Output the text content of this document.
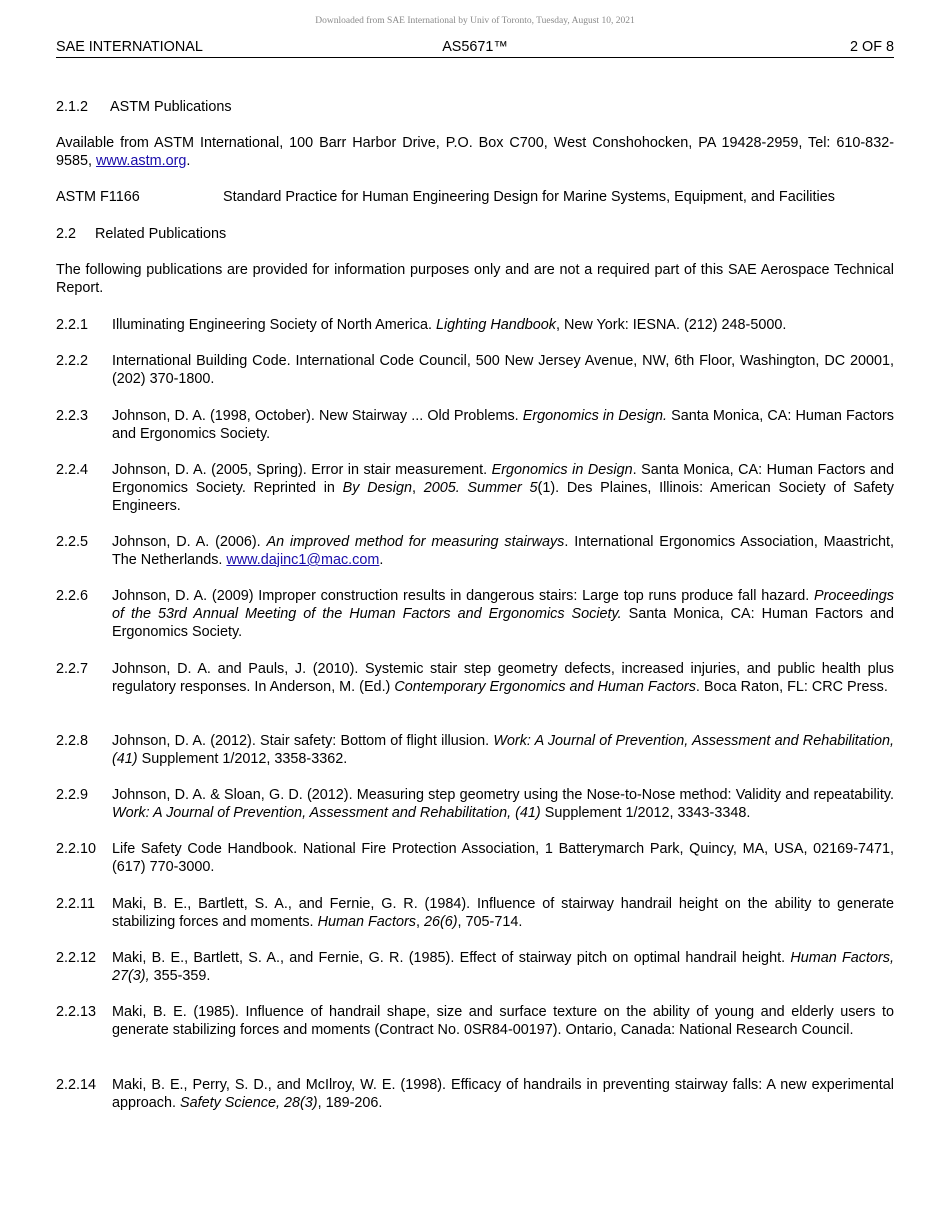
Downloaded from SAE International by Univ of Toronto, Tuesday, August 10, 2021
SAE INTERNATIONAL	AS5671™	2 OF 8
2.1.2 ASTM Publications
Available from ASTM International, 100 Barr Harbor Drive, P.O. Box C700, West Conshohocken, PA 19428-2959, Tel: 610-832-9585, www.astm.org.
ASTM F1166	Standard Practice for Human Engineering Design for Marine Systems, Equipment, and Facilities
2.2 Related Publications
The following publications are provided for information purposes only and are not a required part of this SAE Aerospace Technical Report.
2.2.1 Illuminating Engineering Society of North America. Lighting Handbook, New York: IESNA. (212) 248-5000.
2.2.2 International Building Code. International Code Council, 500 New Jersey Avenue, NW, 6th Floor, Washington, DC 20001, (202) 370-1800.
2.2.3 Johnson, D. A. (1998, October). New Stairway ... Old Problems. Ergonomics in Design. Santa Monica, CA: Human Factors and Ergonomics Society.
2.2.4 Johnson, D. A. (2005, Spring). Error in stair measurement. Ergonomics in Design. Santa Monica, CA: Human Factors and Ergonomics Society. Reprinted in By Design, 2005. Summer 5(1). Des Plaines, Illinois: American Society of Safety Engineers.
2.2.5 Johnson, D. A. (2006). An improved method for measuring stairways. International Ergonomics Association, Maastricht, The Netherlands. www.dajinc1@mac.com.
2.2.6 Johnson, D. A. (2009) Improper construction results in dangerous stairs: Large top runs produce fall hazard. Proceedings of the 53rd Annual Meeting of the Human Factors and Ergonomics Society. Santa Monica, CA: Human Factors and Ergonomics Society.
2.2.7 Johnson, D. A. and Pauls, J. (2010). Systemic stair step geometry defects, increased injuries, and public health plus regulatory responses. In Anderson, M. (Ed.) Contemporary Ergonomics and Human Factors. Boca Raton, FL: CRC Press.
2.2.8 Johnson, D. A. (2012). Stair safety: Bottom of flight illusion. Work: A Journal of Prevention, Assessment and Rehabilitation, (41) Supplement 1/2012, 3358-3362.
2.2.9 Johnson, D. A. & Sloan, G. D. (2012). Measuring step geometry using the Nose-to-Nose method: Validity and repeatability. Work: A Journal of Prevention, Assessment and Rehabilitation, (41) Supplement 1/2012, 3343-3348.
2.2.10 Life Safety Code Handbook. National Fire Protection Association, 1 Batterymarch Park, Quincy, MA, USA, 02169-7471, (617) 770-3000.
2.2.11 Maki, B. E., Bartlett, S. A., and Fernie, G. R. (1984). Influence of stairway handrail height on the ability to generate stabilizing forces and moments. Human Factors, 26(6), 705-714.
2.2.12 Maki, B. E., Bartlett, S. A., and Fernie, G. R. (1985). Effect of stairway pitch on optimal handrail height. Human Factors, 27(3), 355-359.
2.2.13 Maki, B. E. (1985). Influence of handrail shape, size and surface texture on the ability of young and elderly users to generate stabilizing forces and moments (Contract No. 0SR84-00197). Ontario, Canada: National Research Council.
2.2.14 Maki, B. E., Perry, S. D., and McIlroy, W. E. (1998). Efficacy of handrails in preventing stairway falls: A new experimental approach. Safety Science, 28(3), 189-206.
